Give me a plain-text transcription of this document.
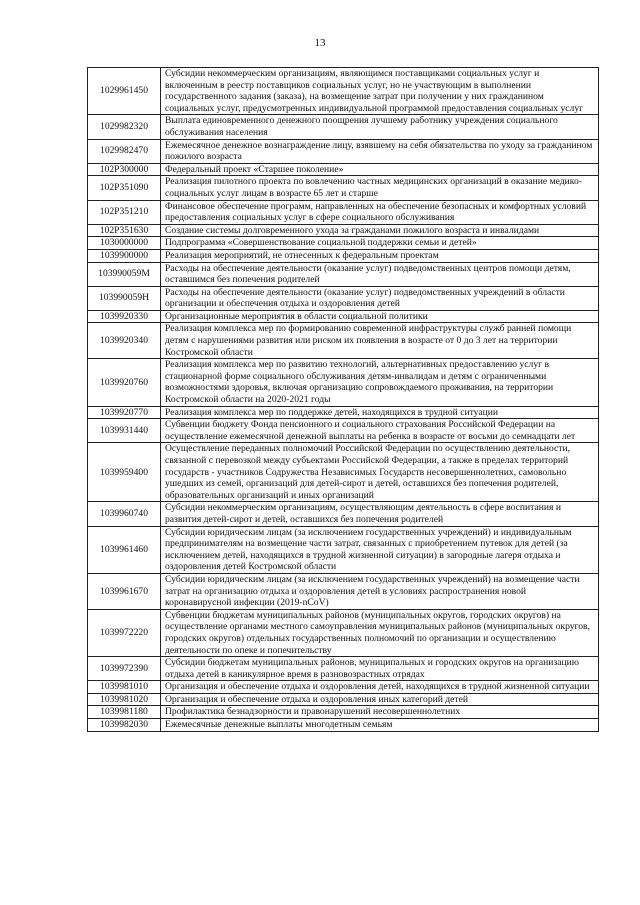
13
1029961450	Субсидии некоммерческим организациям, являющимся поставщиками социальных услуг и включенным в реестр поставщиков социальных услуг, но не участвующим в выполнении государственного задания (заказа), на возмещение затрат при получении у них гражданином социальных услуг, предусмотренных индивидуальной программой предоставления социальных услуг
1029982320	Выплата единовременного денежного поощрения лучшему работнику учреждения социального обслуживания населения
1029982470	Ежемесячное денежное вознаграждение лицу, взявшему на себя обязательства по уходу за гражданином пожилого возраста
102P300000	Федеральный проект «Старшее поколение»
102P351090	Реализация пилотного проекта по вовлечению частных медицинских организаций в оказание медико-социальных услуг лицам в возрасте 65 лет и старше
102P351210	Финансовое обеспечение программ, направленных на обеспечение безопасных и комфортных условий предоставления социальных услуг в сфере социального обслуживания
102P351630	Создание системы долговременного ухода за гражданами пожилого возраста и инвалидами
1030000000	Подпрограмма «Совершенствование социальной поддержки семьи и детей»
1039900000	Реализация мероприятий, не отнесенных к федеральным проектам
103990059М	Расходы на обеспечение деятельности (оказание услуг) подведомственных центров помощи детям, оставшимся без попечения родителей
103990059Н	Расходы на обеспечение деятельности (оказание услуг) подведомственных учреждений в области организации и обеспечения отдыха и оздоровления детей
1039920330	Организационные мероприятия в области социальной политики
1039920340	Реализация комплекса мер по формированию современной инфраструктуры служб ранней помощи детям с нарушениями развития или риском их появления в возрасте от 0 до 3 лет на территории Костромской области
1039920760	Реализация комплекса мер по развитию технологий, альтернативных предоставлению услуг в стационарной форме социального обслуживания детям-инвалидам и детям с ограниченными возможностями здоровья, включая организацию сопровождаемого проживания, на территории Костромской области на 2020-2021 годы
1039920770	Реализация комплекса мер по поддержке детей, находящихся в трудной ситуации
1039931440	Субвенции бюджету Фонда пенсионного и социального страхования Российской Федерации на осуществление ежемесячной денежной выплаты на ребенка в возрасте от восьми до семнадцати лет
1039959400	Осуществление переданных полномочий Российской Федерации по осуществлению деятельности, связанной с перевозкой между субъектами Российской Федерации, а также в пределах территорий государств - участников Содружества Независимых Государств несовершеннолетних, самовольно ушедших из семей, организаций для детей-сирот и детей, оставшихся без попечения родителей, образовательных организаций и иных организаций
1039960740	Субсидии некоммерческим организациям, осуществляющим деятельность в сфере воспитания и развития детей-сирот и детей, оставшихся без попечения родителей
1039961460	Субсидии юридическим лицам (за исключением государственных учреждений) и индивидуальным предпринимателям на возмещение части затрат, связанных с приобретением путевок для детей (за исключением детей, находящихся в трудной жизненной ситуации) в загородные лагеря отдыха и оздоровления детей Костромской области
1039961670	Субсидии юридическим лицам (за исключением государственных учреждений) на возмещение части затрат на организацию отдыха и оздоровления детей в условиях распространения новой коронавирусной инфекции (2019-nCoV)
1039972220	Субвенции бюджетам муниципальных районов (муниципальных округов, городских округов) на осуществление органами местного самоуправления муниципальных районов (муниципальных округов, городских округов) отдельных государственных полномочий по организации и осуществлению деятельности по опеке и попечительству
1039972390	Субсидии бюджетам муниципальных районов, муниципальных и городских округов на организацию отдыха детей в каникулярное время в разновозрастных отрядах
1039981010	Организация и обеспечение отдыха и оздоровления детей, находящихся в трудной жизненной ситуации
1039981020	Организация и обеспечение отдыха и оздоровления иных категорий детей
1039981180	Профилактика безнадзорности и правонарушений несовершеннолетних
1039982030	Ежемесячные денежные выплаты многодетным семьям
